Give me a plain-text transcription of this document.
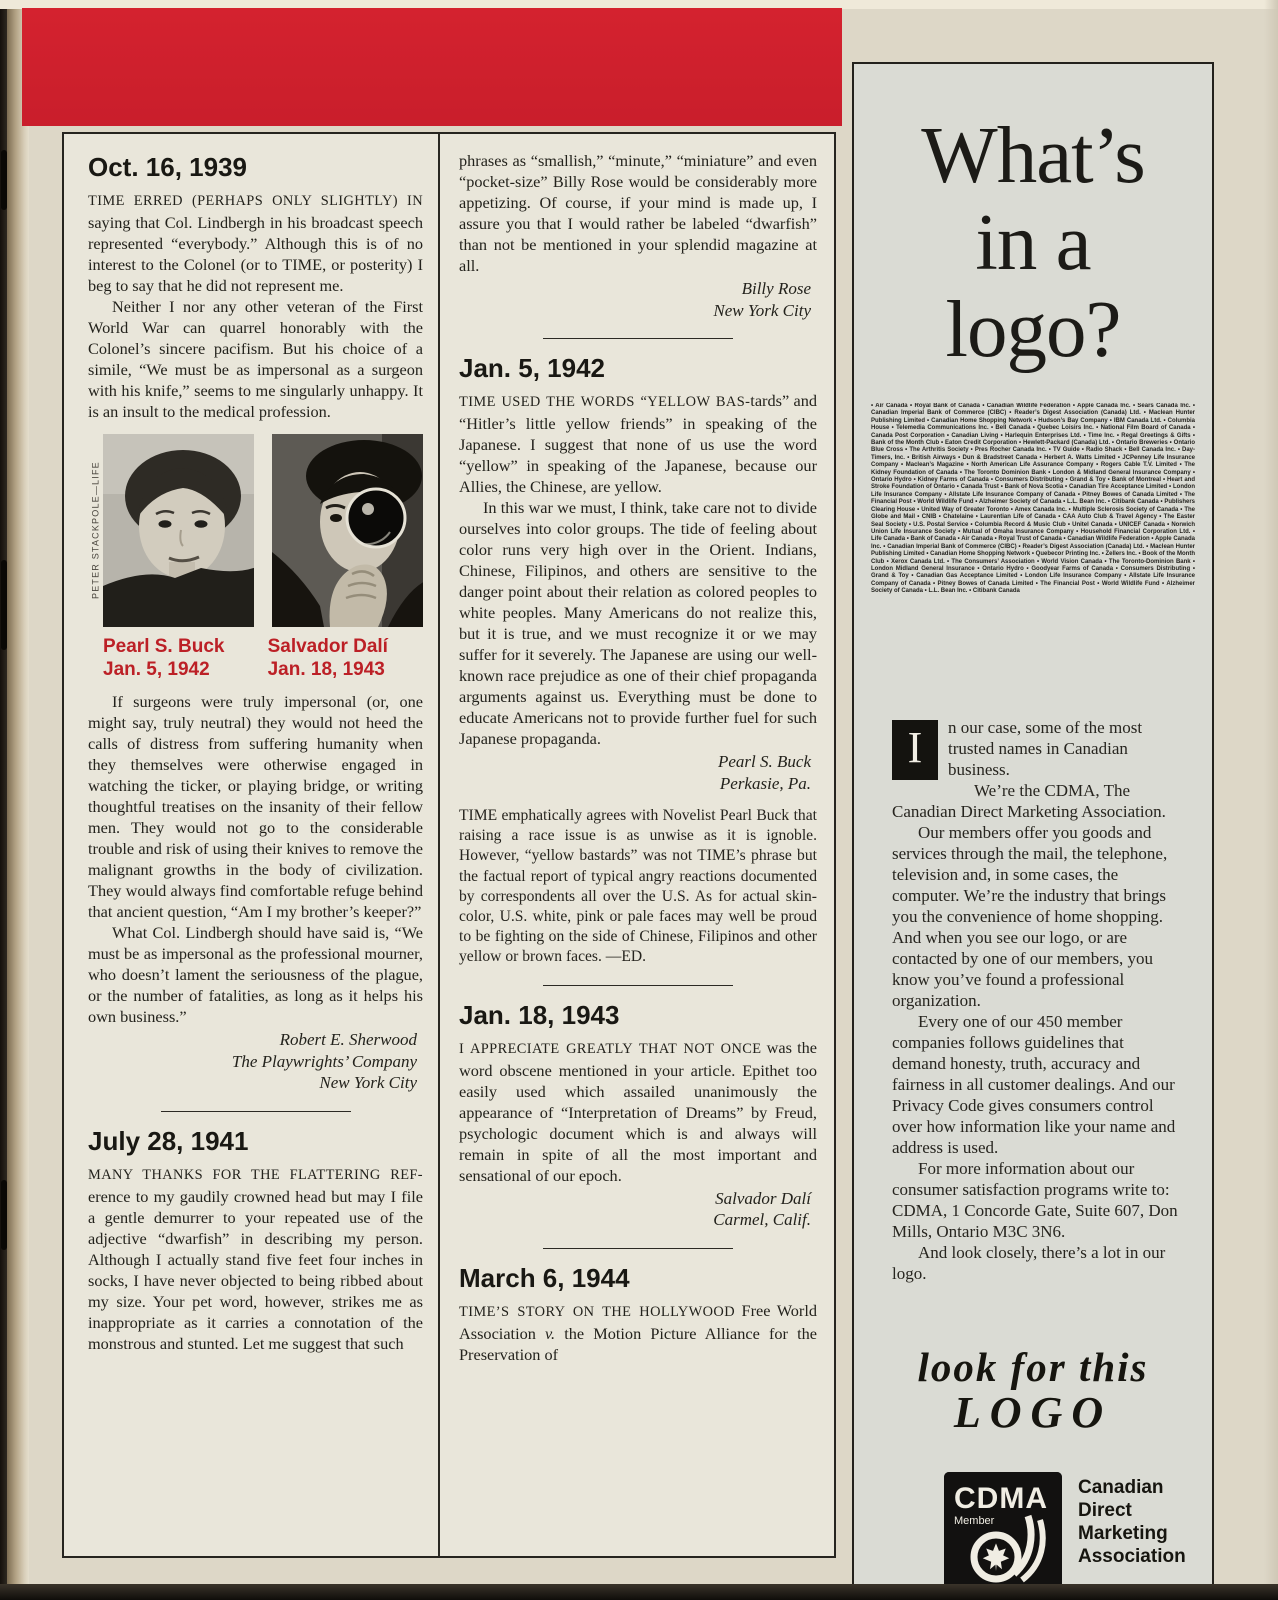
Oct. 16, 1939

TIME ERRED (PERHAPS ONLY SLIGHTLY) IN saying that Col. Lindbergh in his broadcast speech represented “everybody.” Although this is of no interest to the Colonel (or to TIME, or posterity) I beg to say that he did not represent me.

Neither I nor any other veteran of the First World War can quarrel honorably with the Colonel’s sincere pacifism. But his choice of a simile, “We must be as impersonal as a surgeon with his knife,” seems to me singularly unhappy. It is an insult to the medical profession.

PETER STACKPOLE—LIFE
Pearl S. Buck
Jan. 5, 1942
Salvador Dalí
Jan. 18, 1943

If surgeons were truly impersonal (or, one might say, truly neutral) they would not heed the calls of distress from suffering humanity when they themselves were otherwise engaged in watching the ticker, or playing bridge, or writing thoughtful treatises on the insanity of their fellow men. They would not go to the considerable trouble and risk of using their knives to remove the malignant growths in the body of civilization. They would always find comfortable refuge behind that ancient question, “Am I my brother’s keeper?”

What Col. Lindbergh should have said is, “We must be as impersonal as the professional mourner, who doesn’t lament the seriousness of the plague, or the number of fatalities, as long as it helps his own business.”

Robert E. Sherwood
The Playwrights’ Company
New York City
July 28, 1941

MANY THANKS FOR THE FLATTERING REF-erence to my gaudily crowned head but may I file a gentle demurrer to your repeated use of the adjective “dwarfish” in describing my person. Although I actually stand five feet four inches in socks, I have never objected to being ribbed about my size. Your pet word, however, strikes me as inappropriate as it carries a connotation of the monstrous and stunted. Let me suggest that such

phrases as “smallish,” “minute,” “miniature” and even “pocket-size” Billy Rose would be considerably more appetizing. Of course, if your mind is made up, I assure you that I would rather be labeled “dwarfish” than not be mentioned in your splendid magazine at all.

Billy Rose
New York City
Jan. 5, 1942

TIME USED THE WORDS “YELLOW BAS-tards” and “Hitler’s little yellow friends” in speaking of the Japanese. I suggest that none of us use the word “yellow” in speaking of the Japanese, because our Allies, the Chinese, are yellow.

In this war we must, I think, take care not to divide ourselves into color groups. The tide of feeling about color runs very high over in the Orient. Indians, Chinese, Filipinos, and others are sensitive to the danger point about their relation as colored peoples to white peoples. Many Americans do not realize this, but it is true, and we must recognize it or we may suffer for it severely. The Japanese are using our well-known race prejudice as one of their chief propaganda arguments against us. Everything must be done to educate Americans not to provide further fuel for such Japanese propaganda.

Pearl S. Buck
Perkasie, Pa.

TIME emphatically agrees with Novelist Pearl Buck that raising a race issue is as unwise as it is ignoble. However, “yellow bastards” was not TIME’s phrase but the factual report of typical angry reactions documented by correspondents all over the U.S. As for actual skin-color, U.S. white, pink or pale faces may well be proud to be fighting on the side of Chinese, Filipinos and other yellow or brown faces. —ED.

Jan. 18, 1943

I APPRECIATE GREATLY THAT NOT ONCE was the word obscene mentioned in your article. Epithet too easily used which assailed unanimously the appearance of “Interpretation of Dreams” by Freud, psychologic document which is and always will remain in spite of all the most important and sensational of our epoch.

Salvador Dalí
Carmel, Calif.
March 6, 1944

TIME’S STORY ON THE HOLLYWOOD Free World Association v. the Motion Picture Alliance for the Preservation of

What’s
in a
logo?
• Air Canada • Royal Bank of Canada • Canadian Wildlife Federation • Apple Canada Inc. • Sears Canada Inc. • Canadian Imperial Bank of Commerce (CIBC) • Reader’s Digest Association (Canada) Ltd. • Maclean Hunter Publishing Limited • Canadian Home Shopping Network • Hudson’s Bay Company • IBM Canada Ltd. • Columbia House • Telemedia Communications Inc. • Bell Canada • Quebec Loisirs Inc. • National Film Board of Canada • Canada Post Corporation • Canadian Living • Harlequin Enterprises Ltd. • Time Inc. • Regal Greetings & Gifts • Bank of the Month Club • Eaton Credit Corporation • Hewlett-Packard (Canada) Ltd. • Ontario Breweries • Ontario Blue Cross • The Arthritis Society • Pres Rocher Canada Inc. • TV Guide • Radio Shack • Bell Canada Inc. • Day-Timers, Inc. • British Airways • Dun & Bradstreet Canada • Herbert A. Watts Limited • JCPenney Life Insurance Company • Maclean’s Magazine • North American Life Assurance Company • Rogers Cable T.V. Limited • The Kidney Foundation of Canada • The Toronto Dominion Bank • London & Midland General Insurance Company • Ontario Hydro • Kidney Farms of Canada • Consumers Distributing • Grand & Toy • Bank of Montreal • Heart and Stroke Foundation of Ontario • Canada Trust • Bank of Nova Scotia • Canadian Tire Acceptance Limited • London Life Insurance Company • Allstate Life Insurance Company of Canada • Pitney Bowes of Canada Limited • The Financial Post • World Wildlife Fund • Alzheimer Society of Canada • L.L. Bean Inc. • Citibank Canada • Publishers Clearing House • United Way of Greater Toronto • Amex Canada Inc. • Multiple Sclerosis Society of Canada • The Globe and Mail • CNIB • Chatelaine • Laurentian Life of Canada • CAA Auto Club & Travel Agency • The Easter Seal Society • U.S. Postal Service • Columbia Record & Music Club • Unitel Canada • UNICEF Canada • Norwich Union Life Insurance Society • Mutual of Omaha Insurance Company • Household Financial Corporation Ltd. • Life Canada • Bank of Canada • Air Canada • Royal Trust of Canada • Canadian Wildlife Federation • Apple Canada Inc. • Canadian Imperial Bank of Commerce (CIBC) • Reader’s Digest Association (Canada) Ltd. • Maclean Hunter Publishing Limited • Canadian Home Shopping Network • Quebecor Printing Inc. • Zellers Inc. • Book of the Month Club • Xerox Canada Ltd. • The Consumers’ Association • World Vision Canada • The Toronto-Dominion Bank • London Midland General Insurance • Ontario Hydro • Goodyear Farms of Canada • Consumers Distributing • Grand & Toy • Canadian Gas Acceptance Limited • London Life Insurance Company • Allstate Life Insurance Company of Canada • Pitney Bowes of Canada Limited • The Financial Post • World Wildlife Fund • Alzheimer Society of Canada • L.L. Bean Inc. • Citibank Canada

I	n our case, some of the most trusted names in Canadian business.

We’re the CDMA, The Canadian Direct Marketing Association.

Our members offer you goods and services through the mail, the telephone, television and, in some cases, the computer. We’re the industry that brings you the convenience of home shopping. And when you see our logo, or are contacted by one of our members, you know you’ve found a professional organization.

Every one of our 450 member companies follows guidelines that demand honesty, truth, accuracy and fairness in all customer dealings. And our Privacy Code gives consumers control over how information like your name and address is used.

For more information about our consumer satisfaction programs write to: CDMA, 1 Concorde Gate, Suite 607, Don Mills, Ontario M3C 3N6.

And look closely, there’s a lot in our logo.

look for this
LOGO
CDMA
Member
Canadian
Direct
Marketing
Association
